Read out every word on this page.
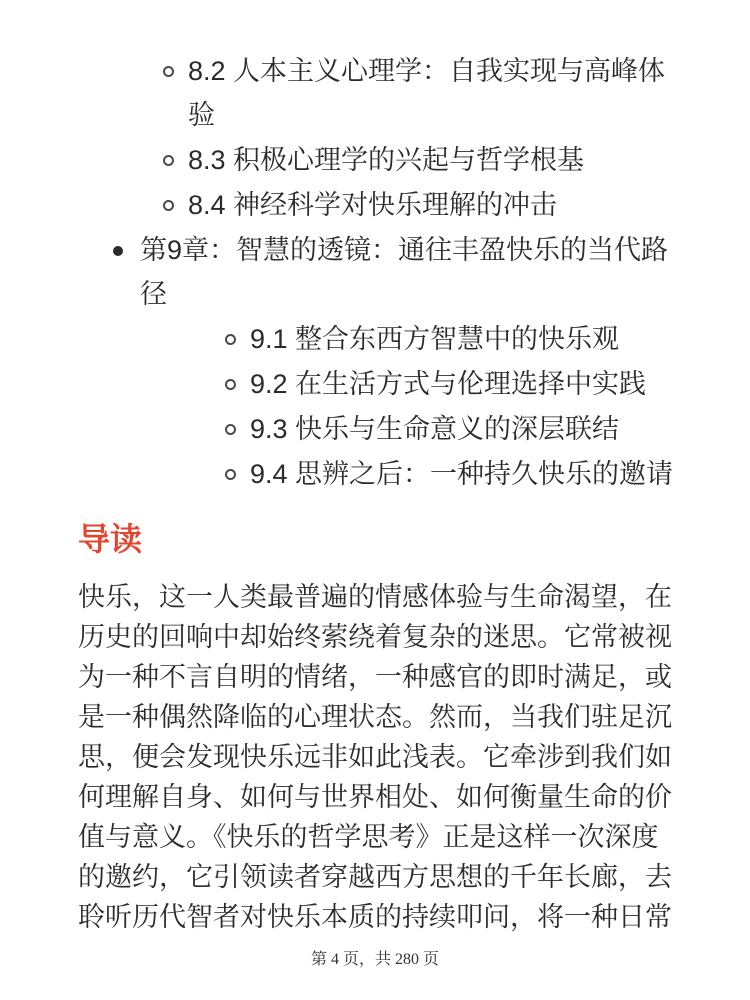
8.2 人本主义心理学：自我实现与高峰体验
8.3 积极心理学的兴起与哲学根基
8.4 神经科学对快乐理解的冲击
第9章：智慧的透镜：通往丰盈快乐的当代路径
9.1 整合东西方智慧中的快乐观
9.2 在生活方式与伦理选择中实践
9.3 快乐与生命意义的深层联结
9.4 思辨之后：一种持久快乐的邀请
导读

快乐，这一人类最普遍的情感体验与生命渴望，在历史的回响中却始终萦绕着复杂的迷思。它常被视为一种不言自明的情绪，一种感官的即时满足，或是一种偶然降临的心理状态。然而，当我们驻足沉思，便会发现快乐远非如此浅表。它牵涉到我们如何理解自身、如何与世界相处、如何衡量生命的价值与意义。《快乐的哲学思考》正是这样一次深度的邀约，它引领读者穿越西方思想的千年长廊，去聆听历代智者对快乐本质的持续叩问，将一种日常

第 4 页，共 280 页
